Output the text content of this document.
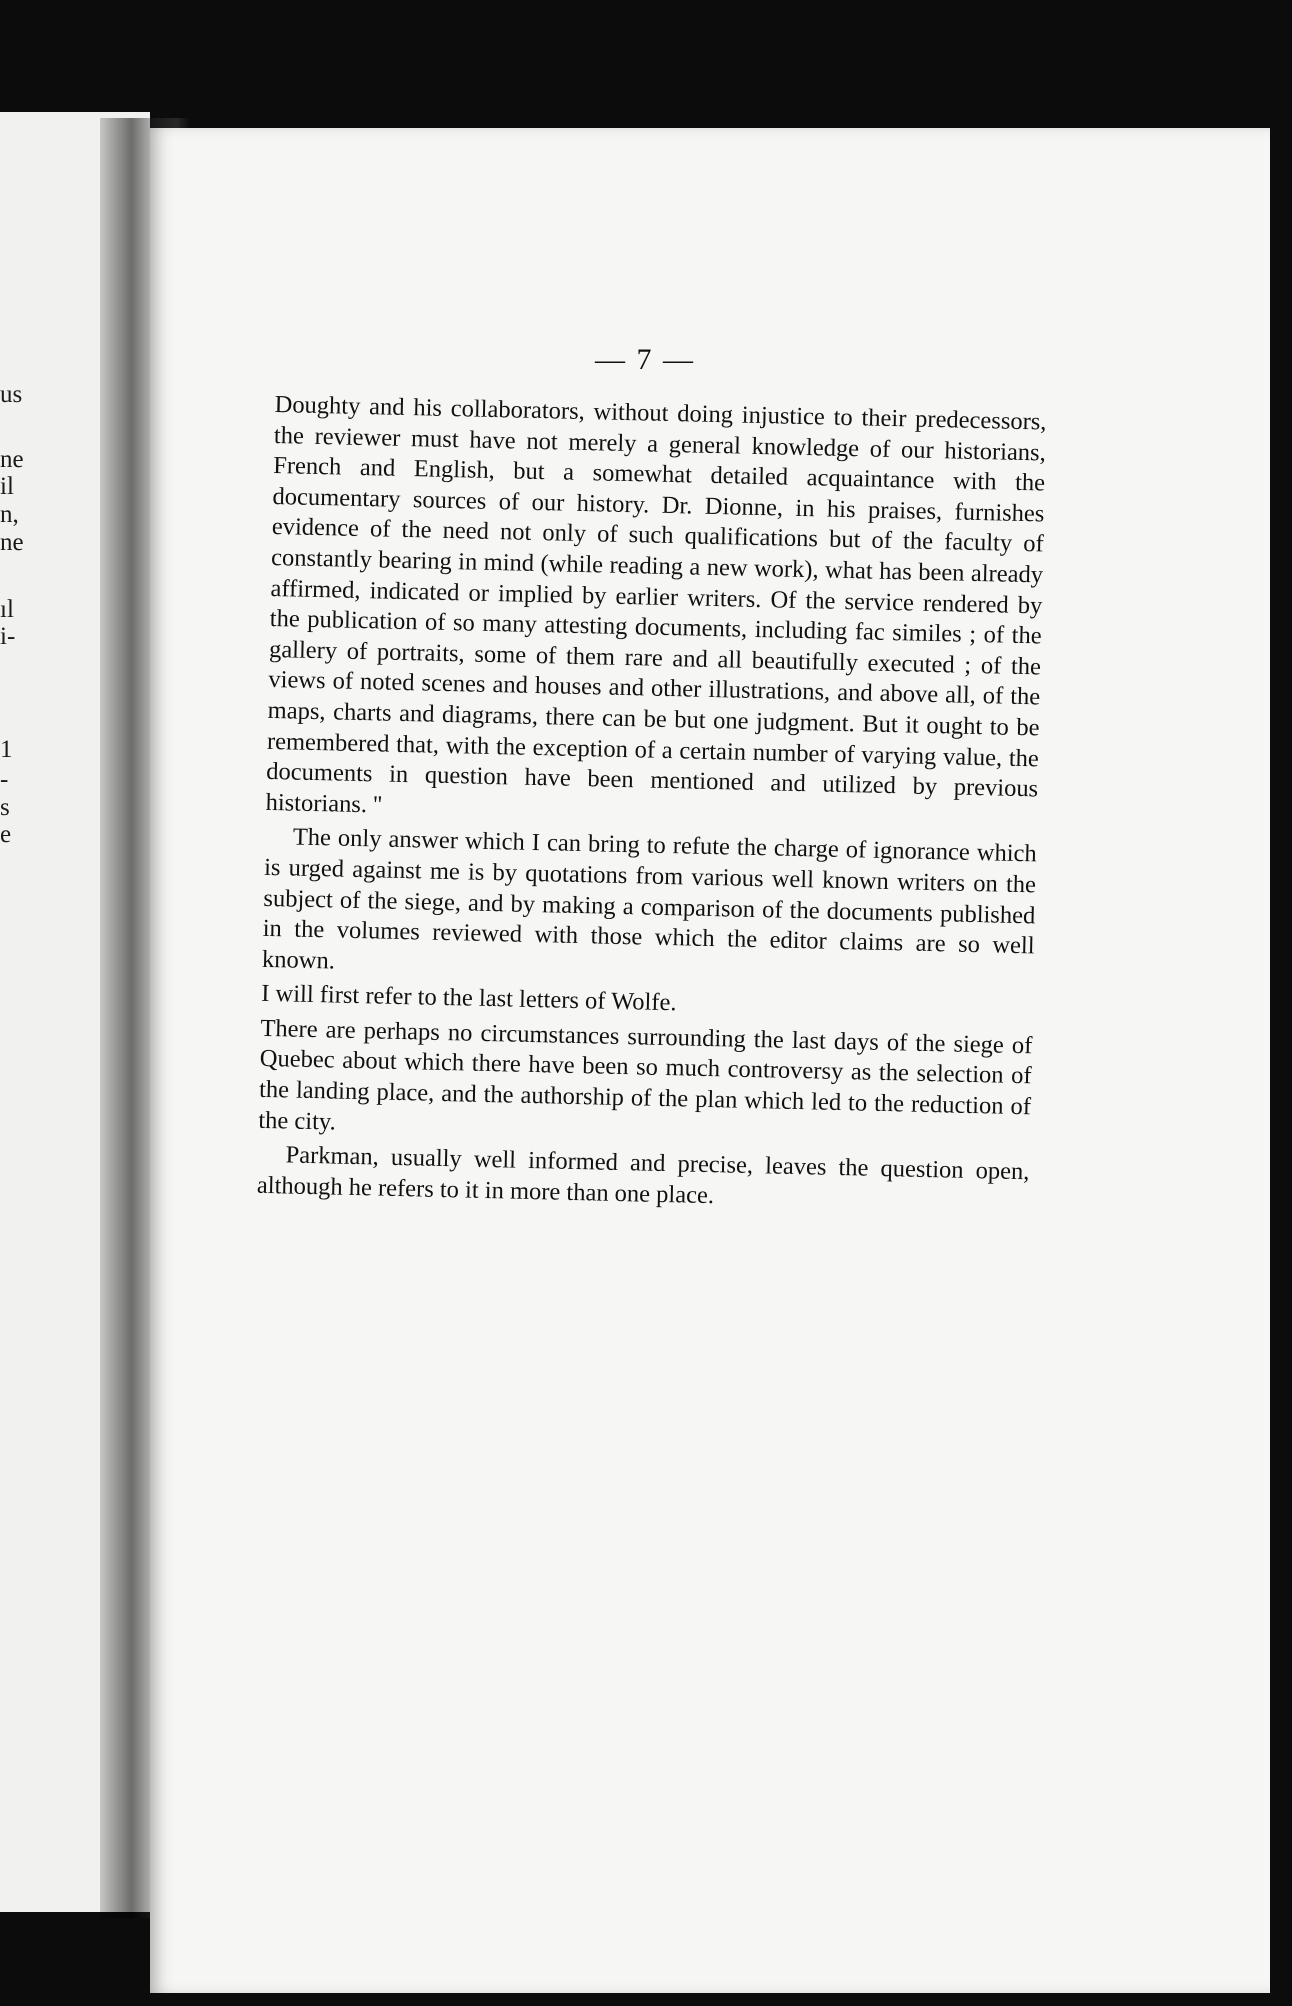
us
ne
il
n,
ne
ıl
i-
1
-
s
e
— 7 —

Doughty and his collaborators, without doing injustice to their predecessors, the reviewer must have not merely a general knowledge of our historians, French and English, but a somewhat detailed acquaintance with the documentary sources of our history. Dr. Dionne, in his praises, furnishes evidence of the need not only of such qualifications but of the faculty of constantly bearing in mind (while reading a new work), what has been already affirmed, indicated or implied by earlier writers. Of the service rendered by the publication of so many attesting documents, including fac similes ; of the gallery of portraits, some of them rare and all beautifully executed ; of the views of noted scenes and houses and other illustrations, and above all, of the maps, charts and diagrams, there can be but one judgment. But it ought to be remembered that, with the exception of a certain number of varying value, the documents in question have been mentioned and utilized by previous historians. ''

The only answer which I can bring to refute the charge of ignorance which is urged against me is by quotations from various well known writers on the subject of the siege, and by making a comparison of the documents published in the volumes reviewed with those which the editor claims are so well known.

I will first refer to the last letters of Wolfe.

There are perhaps no circumstances surrounding the last days of the siege of Quebec about which there have been so much controversy as the selection of the landing place, and the authorship of the plan which led to the reduction of the city.

Parkman, usually well informed and precise, leaves the question open, although he refers to it in more than one place.
